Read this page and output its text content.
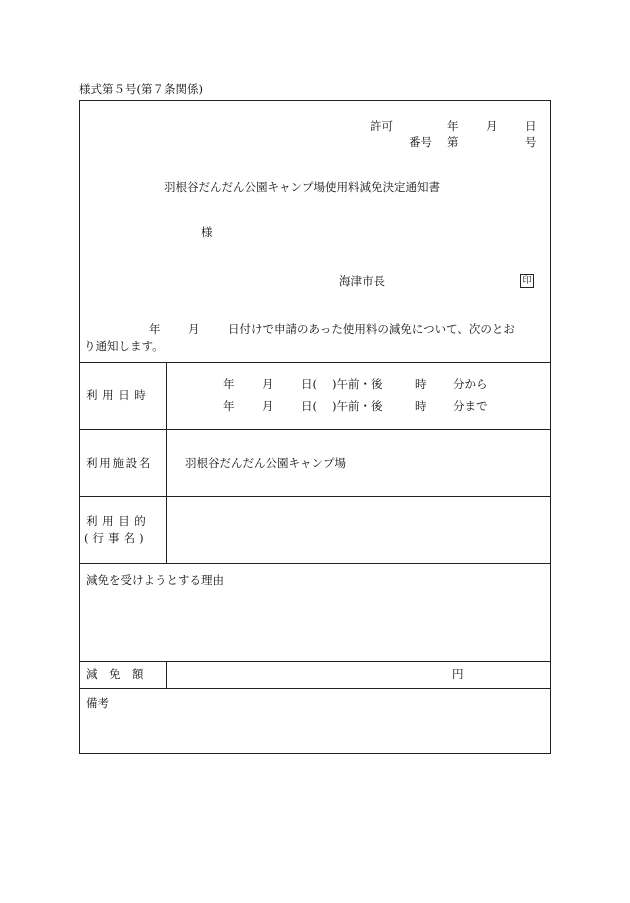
様式第５号(第７条関係)
許可	年 月 日
番号 第	号
羽根谷だんだん公園キャンプ場使用料減免決定通知書
様
海津市長	印
年 月 日付けで申請のあった使用料の減免について、次のとお
り通知します。
利用日時
年 月 日( )午前・後	時 分から
年 月 日( )午前・後	時 分まで
利用施設名	羽根谷だんだん公園キャンプ場
利用目的
(行事名)
減免を受けようとする理由
減　免　額	円
備考
